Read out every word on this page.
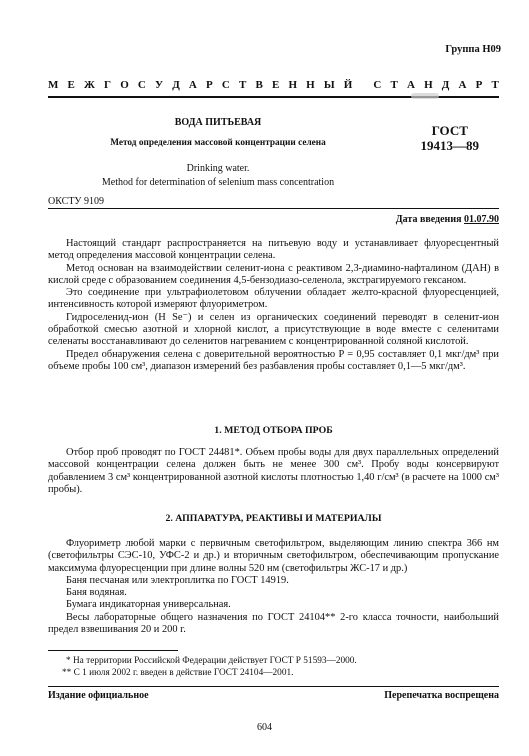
Группа Н09
М Е Ж Г О С У Д А Р С Т В Е Н Н Ы Й
С Т А Н Д А Р Т
ВОДА ПИТЬЕВАЯ
Метод определения массовой концентрации селена
ГОСТ
19413—89
Drinking water.
Method for determination of selenium mass concentration
ОКСТУ 9109
Дата введения 01.07.90

Настоящий стандарт распространяется на питьевую воду и устанавливает флуоресцентный метод определения массовой концентрации селена.

Метод основан на взаимодействии селенит-иона с реактивом 2,3-диамино-нафталином (ДАН) в кислой среде с образованием соединения 4,5-бензодиазо-селенола, экстрагируемого гексаном.

Это соединение при ультрафиолетовом облучении обладает желто-красной флуоресценцией, интенсивность которой измеряют флуориметром.

Гидроселенид-ион (Н Se⁻) и селен из органических соединений переводят в селенит-ион обработкой смесью азотной и хлорной кислот, а присутствующие в воде вместе с селенитами селенаты восстанавливают до селенитов нагреванием с концентрированной соляной кислотой.

Предел обнаружения селена с доверительной вероятностью P = 0,95 составляет 0,1 мкг/дм³ при объеме пробы 100 см³, диапазон измерений без разбавления пробы составляет 0,1—5 мкг/дм³.

1. МЕТОД ОТБОРА ПРОБ

Отбор проб проводят по ГОСТ 24481*. Объем пробы воды для двух параллельных определений массовой концентрации селена должен быть не менее 300 см³. Пробу воды консервируют добавлением 3 см³ концентрированной азотной кислоты плотностью 1,40 г/см³ (в расчете на 1000 см³ пробы).

2. АППАРАТУРА, РЕАКТИВЫ И МАТЕРИАЛЫ

Флуориметр любой марки с первичным светофильтром, выделяющим линию спектра 366 нм (светофильтры СЭС-10, УФС-2 и др.) и вторичным светофильтром, обеспечивающим пропускание максимума флуоресценции при длине волны 520 нм (светофильтры ЖС-17 и др.)

Баня песчаная или электроплитка по ГОСТ 14919.

Баня водяная.

Бумага индикаторная универсальная.

Весы лабораторные общего назначения по ГОСТ 24104** 2-го класса точности, наибольший предел взвешивания 20 и 200 г.

* На территории Российской Федерации действует ГОСТ Р 51593—2000.
** С 1 июля 2002 г. введен в действие ГОСТ 24104—2001.
Издание официальное	Перепечатка воспрещена
604
